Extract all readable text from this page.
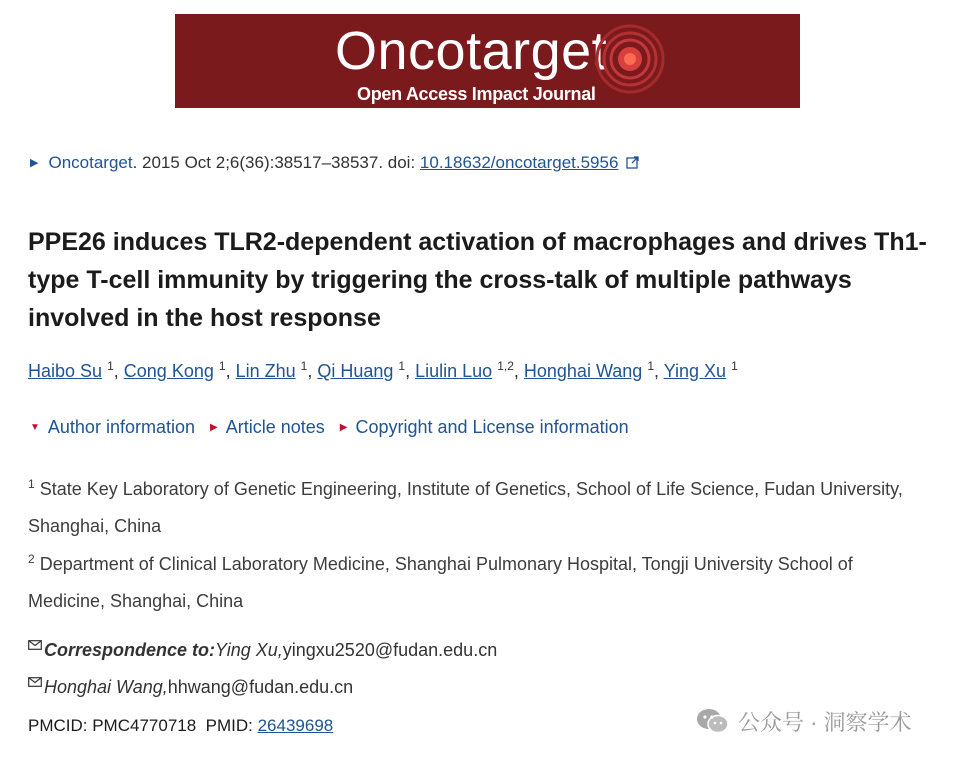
Oncotarget
Open Access Impact Journal
▶ Oncotarget. 2015 Oct 2;6(36):38517–38537. doi: 10.18632/oncotarget.5956
PPE26 induces TLR2-dependent activation of macrophages and drives Th1-type T-cell immunity by triggering the cross-talk of multiple pathways involved in the host response
Haibo Su $^1$, Cong Kong $^1$, Lin Zhu $^1$, Qi Huang $^1$, Liulin Luo $^{1,2}$, Honghai Wang $^1$, Ying Xu $^1$
▼ Author information ▶ Article notes ▶ Copyright and License information
$^1$ State Key Laboratory of Genetic Engineering, Institute of Genetics, School of Life Science, Fudan University, Shanghai, China
$^2$ Department of Clinical Laboratory Medicine, Shanghai Pulmonary Hospital, Tongji University School of Medicine, Shanghai, China
Correspondence to:Ying Xu,yingxu2520@fudan.edu.cn
Honghai Wang,hhwang@fudan.edu.cn
PMCID: PMC4770718 PMID: 26439698	公众号 · 洞察学术
